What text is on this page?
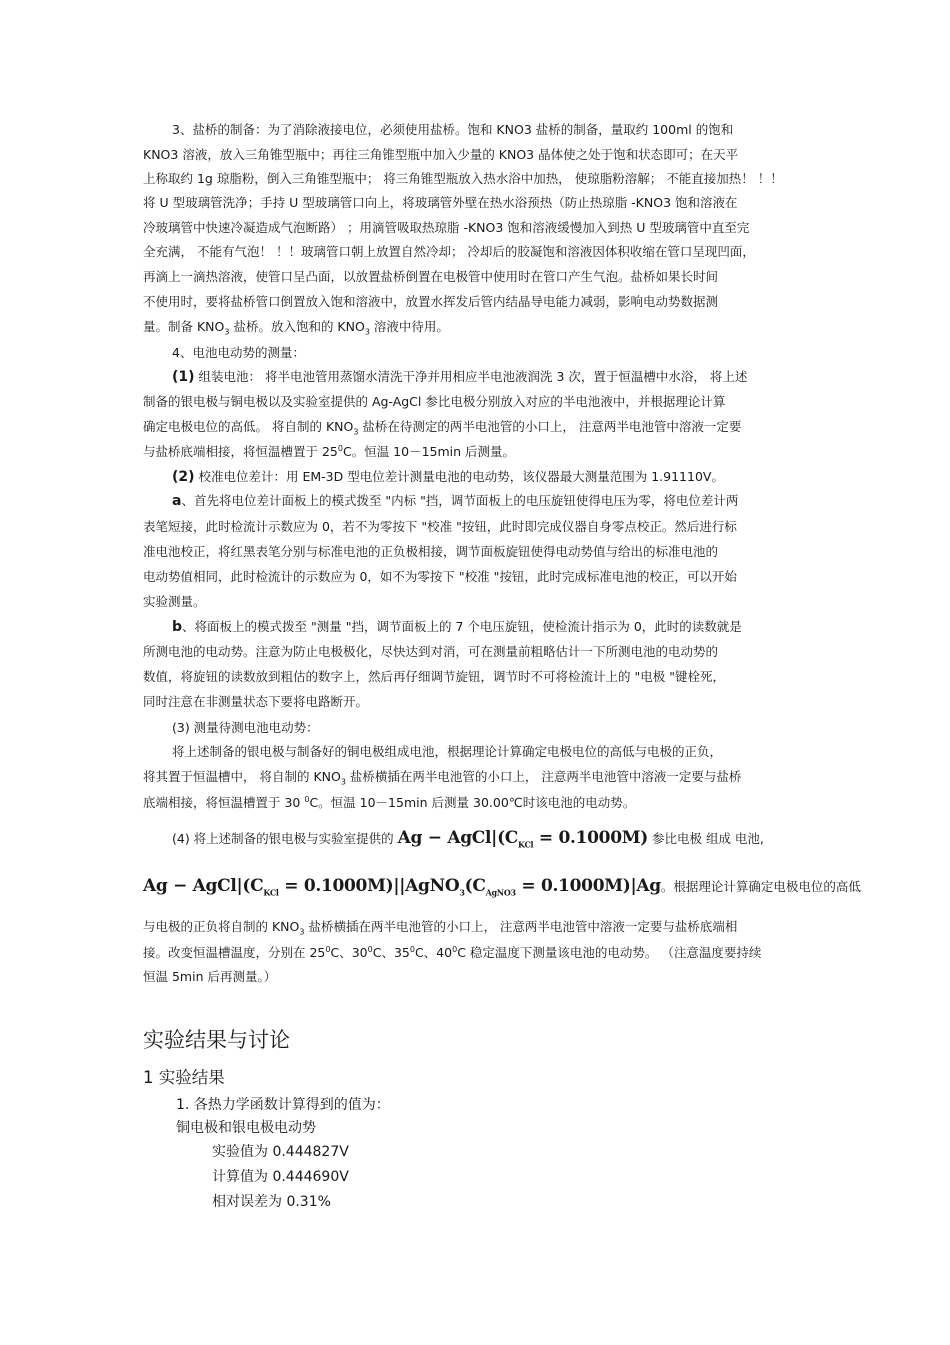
3、盐桥的制备：为了消除液接电位，必须使用盐桥。饱和 KNO3 盐桥的制备，量取约 100ml 的饱和
KNO3 溶液，放入三角锥型瓶中；再往三角锥型瓶中加入少量的 KNO3 晶体使之处于饱和状态即可；在天平
上称取约 1g 琼脂粉，倒入三角锥型瓶中； 将三角锥型瓶放入热水浴中加热， 使琼脂粉溶解； 不能直接加热！ ！！
将 U 型玻璃管洗净；手持 U 型玻璃管口向上，将玻璃管外壁在热水浴预热（防止热琼脂 -KNO3 饱和溶液在
冷玻璃管中快速冷凝造成气泡断路） ；用滴管吸取热琼脂 -KNO3 饱和溶液缓慢加入到热 U 型玻璃管中直至完
全充满， 不能有气泡！ ！！玻璃管口朝上放置自然冷却； 冷却后的胶凝饱和溶液因体积收缩在管口呈现凹面，
再滴上一滴热溶液，使管口呈凸面，以放置盐桥倒置在电极管中使用时在管口产生气泡。盐桥如果长时间
不使用时，要将盐桥管口倒置放入饱和溶液中，放置水挥发后管内结晶导电能力减弱，影响电动势数据测
量。制备 $KNO_3$ 盐桥。放入饱和的 $KNO_3$ 溶液中待用。
4、电池电动势的测量：
(1) 组装电池： 将半电池管用蒸馏水清洗干净并用相应半电池液润洗 3 次，置于恒温槽中水浴， 将上述
制备的银电极与铜电极以及实验室提供的 Ag-AgCl 参比电极分别放入对应的半电池液中，并根据理论计算
确定电极电位的高低。 将自制的 $KNO_3$ 盐桥在待测定的两半电池管的小口上， 注意两半电池管中溶液一定要
与盐桥底端相接，将恒温槽置于 $25^0C$。恒温 10－15min 后测量。
(2) 校准电位差计：用 EM-3D 型电位差计测量电池的电动势，该仪器最大测量范围为 1.91110V。
a、首先将电位差计面板上的模式拨至 "内标 "挡，调节面板上的电压旋钮使得电压为零，将电位差计两
表笔短接，此时检流计示数应为 0，若不为零按下 "校准 "按钮，此时即完成仪器自身零点校正。然后进行标
准电池校正，将红黑表笔分别与标准电池的正负极相接，调节面板旋钮使得电动势值与给出的标准电池的
电动势值相同，此时检流计的示数应为 0，如不为零按下 "校准 "按钮，此时完成标准电池的校正，可以开始
实验测量。
b、将面板上的模式拨至 "测量 "挡，调节面板上的 7 个电压旋钮，使检流计指示为 0，此时的读数就是
所测电池的电动势。注意为防止电极极化，尽快达到对消，可在测量前粗略估计一下所测电池的电动势的
数值，将旋钮的读数放到粗估的数字上，然后再仔细调节旋钮，调节时不可将检流计上的 "电极 "键栓死，
同时注意在非测量状态下要将电路断开。
(3) 测量待测电池电动势：
将上述制备的银电极与制备好的铜电极组成电池，根据理论计算确定电极电位的高低与电极的正负，
将其置于恒温槽中， 将自制的 $KNO_3$ 盐桥横插在两半电池管的小口上， 注意两半电池管中溶液一定要与盐桥
底端相接，将恒温槽置于 30 $^0$C。恒温 10－15min 后测量 30.00℃时该电池的电动势。
(4) 将上述制备的银电极与实验室提供的 $Ag - AgCl|(C_{KCl} = 0.1000M)$ 参比电极 组成 电池,
$Ag - AgCl|(C_{KCl}$ = $0.1000M)||AgNO_3(C_{AgNO3} = 0.1000M)|Ag$。根据理论计算确定电极电位的高低
与电极的正负将自制的 $KNO_3$ 盐桥横插在两半电池管的小口上， 注意两半电池管中溶液一定要与盐桥底端相
接。改变恒温槽温度，分别在 $25^0C$、$30^0C$、$35^0C$、$40^0C$ 稳定温度下测量该电池的电动势。 （注意温度要持续
恒温 5min 后再测量。）
实验结果与讨论
1 实验结果
1. 各热力学函数计算得到的值为：
铜电极和银电极电动势
实验值为 0.444827V
计算值为 0.444690V
相对误差为 0.31%
